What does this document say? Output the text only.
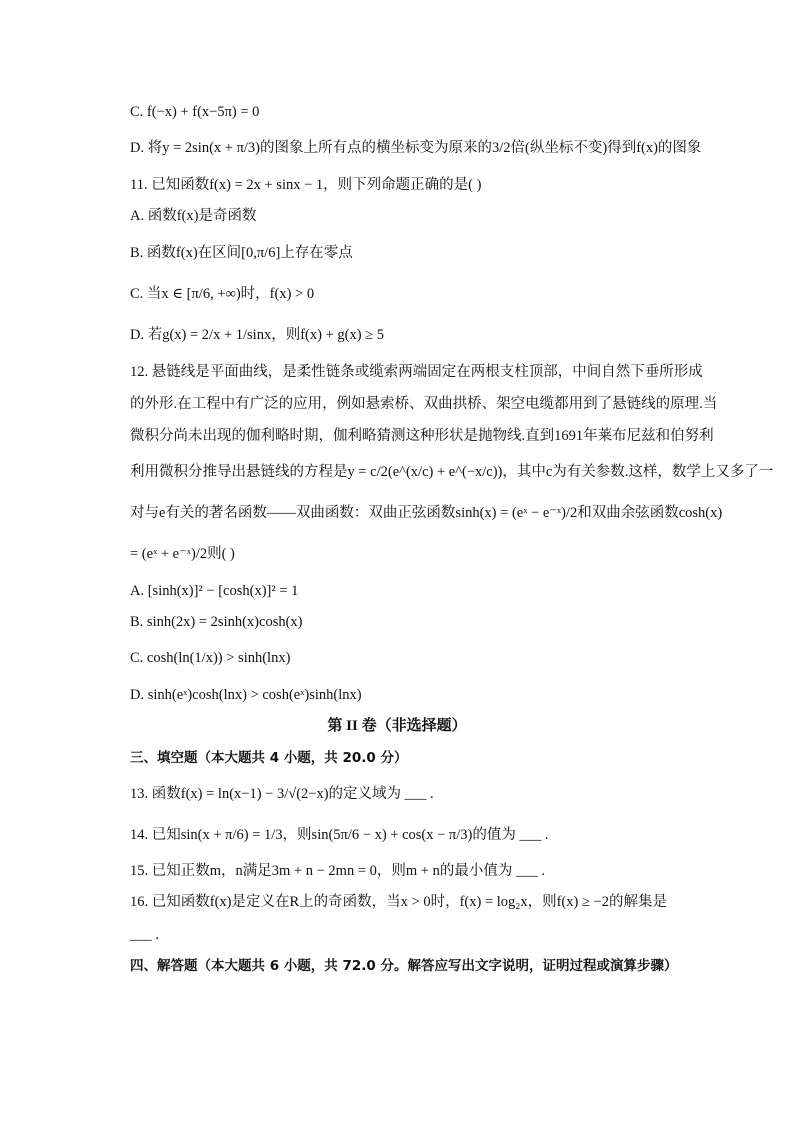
C. f(−x) + f(x−5π) = 0
D. 将y = 2sin(x + π/3)的图象上所有点的横坐标变为原来的3/2倍(纵坐标不变)得到f(x)的图象
11. 已知函数f(x) = 2x + sinx − 1，则下列命题正确的是( )
A. 函数f(x)是奇函数
B. 函数f(x)在区间[0,π/6]上存在零点
C. 当x ∈ [π/6, +∞)时，f(x) > 0
D. 若g(x) = 2/x + 1/sinx，则f(x) + g(x) ≥ 5
12. 悬链线是平面曲线，是柔性链条或缆索两端固定在两根支柱顶部，中间自然下垂所形成
的外形.在工程中有广泛的应用，例如悬索桥、双曲拱桥、架空电缆都用到了悬链线的原理.当
微积分尚未出现的伽利略时期，伽利略猜测这种形状是抛物线.直到1691年莱布尼兹和伯努利
利用微积分推导出悬链线的方程是y = c/2(e^(x/c) + e^(−x/c))，其中c为有关参数.这样，数学上又多了一
对与e有关的著名函数——双曲函数：双曲正弦函数sinh(x) = (eˣ − e⁻ˣ)/2和双曲余弦函数cosh(x)
= (eˣ + e⁻ˣ)/2则( )
A. [sinh(x)]² − [cosh(x)]² = 1
B. sinh(2x) = 2sinh(x)cosh(x)
C. cosh(ln(1/x)) > sinh(lnx)
D. sinh(eˣ)cosh(lnx) > cosh(eˣ)sinh(lnx)
第 II 卷（非选择题）
三、填空题（本大题共 4 小题，共 20.0 分）
13. 函数f(x) = ln(x−1) − 3/√(2−x)的定义域为 ___ .
14. 已知sin(x + π/6) = 1/3，则sin(5π/6 − x) + cos(x − π/3)的值为 ___ .
15. 已知正数m，n满足3m + n − 2mn = 0，则m + n的最小值为 ___ .
16. 已知函数f(x)是定义在R上的奇函数，当x > 0时，f(x) = log₂x，则f(x) ≥ −2的解集是
___ .
四、解答题（本大题共 6 小题，共 72.0 分。解答应写出文字说明，证明过程或演算步骤）
